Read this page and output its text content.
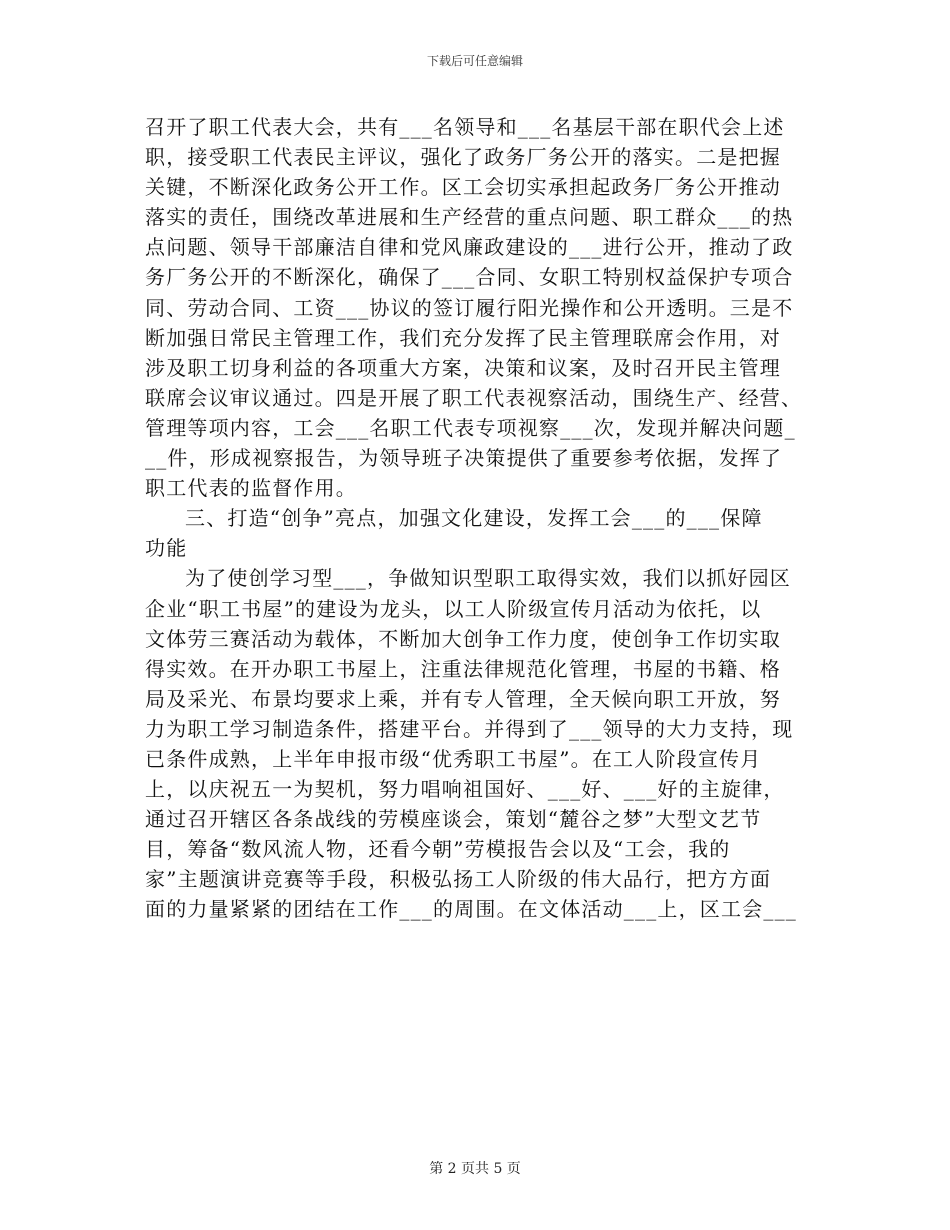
下载后可任意编辑
召开了职工代表大会，共有___名领导和___名基层干部在职代会上述
职，接受职工代表民主评议，强化了政务厂务公开的落实。二是把握
关键，不断深化政务公开工作。区工会切实承担起政务厂务公开推动
落实的责任，围绕改革进展和生产经营的重点问题、职工群众___的热
点问题、领导干部廉洁自律和党风廉政建设的___进行公开，推动了政
务厂务公开的不断深化，确保了___合同、女职工特别权益保护专项合
同、劳动合同、工资___协议的签订履行阳光操作和公开透明。三是不
断加强日常民主管理工作，我们充分发挥了民主管理联席会作用，对
涉及职工切身利益的各项重大方案，决策和议案，及时召开民主管理
联席会议审议通过。四是开展了职工代表视察活动，围绕生产、经营、
管理等项内容，工会___名职工代表专项视察___次，发现并解决问题_
__件，形成视察报告，为领导班子决策提供了重要参考依据，发挥了
职工代表的监督作用。
三、打造“创争”亮点，加强文化建设，发挥工会___的___保障
功能
为了使创学习型___，争做知识型职工取得实效，我们以抓好园区
企业“职工书屋”的建设为龙头，以工人阶级宣传月活动为依托，以
文体劳三赛活动为载体，不断加大创争工作力度，使创争工作切实取
得实效。在开办职工书屋上，注重法律规范化管理，书屋的书籍、格
局及采光、布景均要求上乘，并有专人管理，全天候向职工开放，努
力为职工学习制造条件，搭建平台。并得到了___领导的大力支持，现
已条件成熟，上半年申报市级“优秀职工书屋”。在工人阶段宣传月
上，以庆祝五一为契机，努力唱响祖国好、___好、___好的主旋律，
通过召开辖区各条战线的劳模座谈会，策划“麓谷之梦”大型文艺节
目，筹备“数风流人物，还看今朝”劳模报告会以及“工会，我的
家”主题演讲竞赛等手段，积极弘扬工人阶级的伟大品行，把方方面
面的力量紧紧的团结在工作___的周围。在文体活动___上，区工会___
第 2 页共 5 页
